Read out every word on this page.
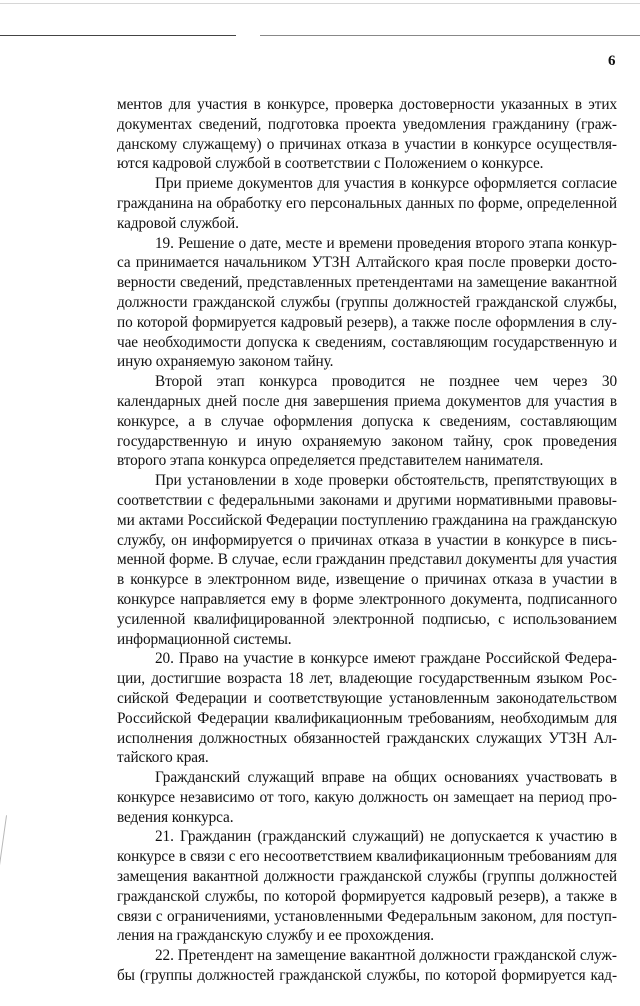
6

ментов для участия в конкурсе, проверка достоверности указанных в этих документах сведений, подготовка проекта уведомления гражданину (гражданскому служащему) о причинах отказа в участии в конкурсе осуществляются кадровой службой в соответствии с Положением о конкурсе.

При приеме документов для участия в конкурсе оформляется согласие гражданина на обработку его персональных данных по форме, определенной кадровой службой.

19. Решение о дате, месте и времени проведения второго этапа конкурса принимается начальником УТЗН Алтайского края после проверки достоверности сведений, представленных претендентами на замещение вакантной должности гражданской службы (группы должностей гражданской службы, по которой формируется кадровый резерв), а также после оформления в случае необходимости допуска к сведениям, составляющим государственную и иную охраняемую законом тайну.

Второй этап конкурса проводится не позднее чем через 30 календарных дней после дня завершения приема документов для участия в конкурсе, а в случае оформления допуска к сведениям, составляющим государственную и иную охраняемую законом тайну, срок проведения второго этапа конкурса определяется представителем нанимателя.

При установлении в ходе проверки обстоятельств, препятствующих в соответствии с федеральными законами и другими нормативными правовыми актами Российской Федерации поступлению гражданина на гражданскую службу, он информируется о причинах отказа в участии в конкурсе в письменной форме. В случае, если гражданин представил документы для участия в конкурсе в электронном виде, извещение о причинах отказа в участии в конкурсе направляется ему в форме электронного документа, подписанного усиленной квалифицированной электронной подписью, с использованием информационной системы.

20. Право на участие в конкурсе имеют граждане Российской Федерации, достигшие возраста 18 лет, владеющие государственным языком Российской Федерации и соответствующие установленным законодательством Российской Федерации квалификационным требованиям, необходимым для исполнения должностных обязанностей гражданских служащих УТЗН Алтайского края.

Гражданский служащий вправе на общих основаниях участвовать в конкурсе независимо от того, какую должность он замещает на период проведения конкурса.

21. Гражданин (гражданский служащий) не допускается к участию в конкурсе в связи с его несоответствием квалификационным требованиям для замещения вакантной должности гражданской службы (группы должностей гражданской службы, по которой формируется кадровый резерв), а также в связи с ограничениями, установленными Федеральным законом, для поступления на гражданскую службу и ее прохождения.

22. Претендент на замещение вакантной должности гражданской службы (группы должностей гражданской службы, по которой формируется кад-
